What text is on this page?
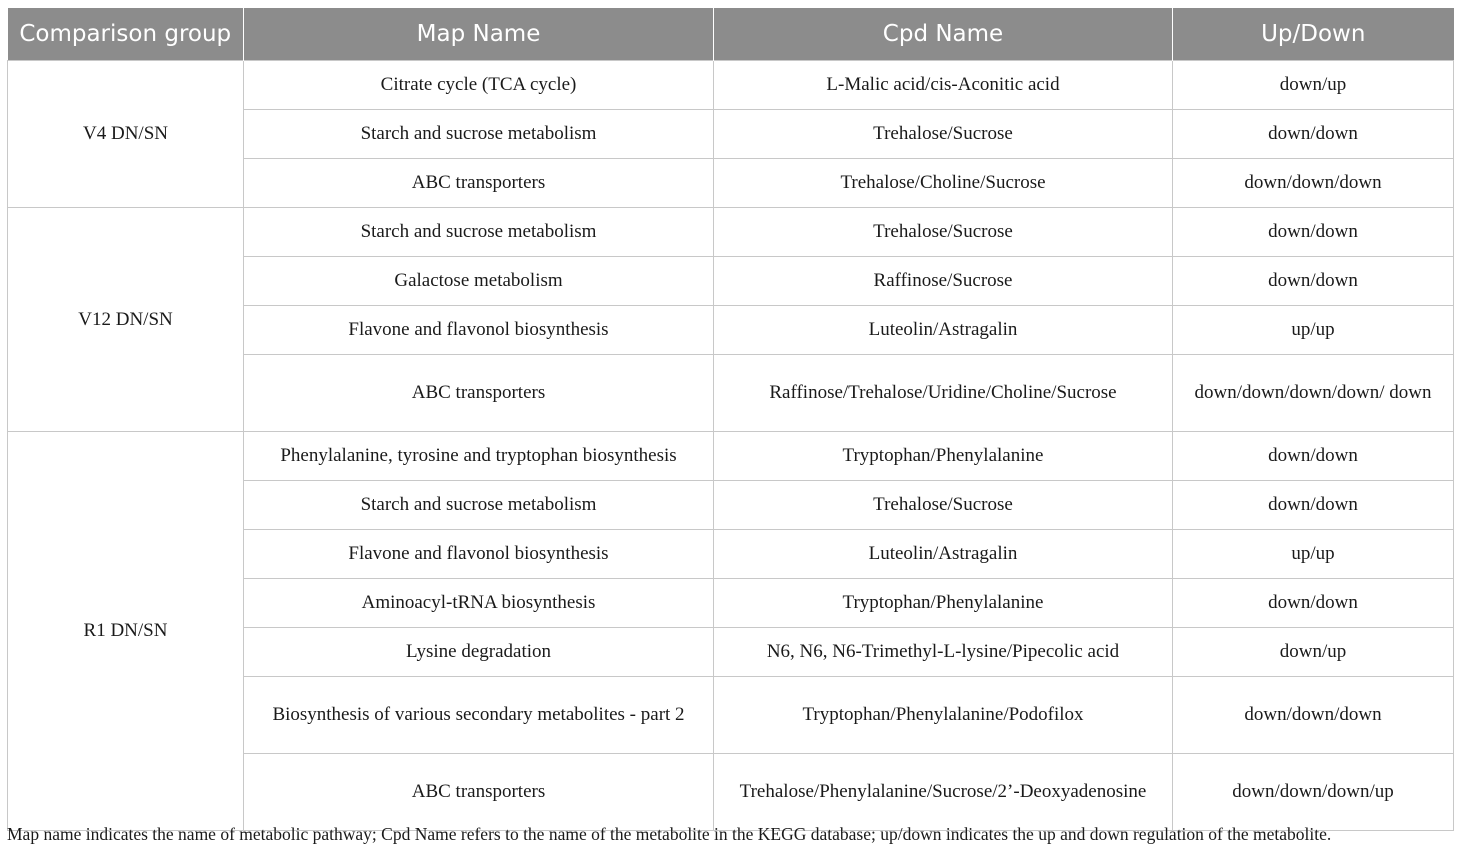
Comparison group	Map Name	Cpd Name	Up/Down
V4 DN/SN	Citrate cycle (TCA cycle)	L-Malic acid/cis-Aconitic acid	down/up
	Starch and sucrose metabolism	Trehalose/Sucrose	down/down
	ABC transporters	Trehalose/Choline/Sucrose	down/down/down
V12 DN/SN	Starch and sucrose metabolism	Trehalose/Sucrose	down/down
	Galactose metabolism	Raffinose/Sucrose	down/down
	Flavone and flavonol biosynthesis	Luteolin/Astragalin	up/up
	ABC transporters	Raffinose/Trehalose/Uridine/Choline/Sucrose	down/down/down/down/ down
R1 DN/SN	Phenylalanine, tyrosine and tryptophan biosynthesis	Tryptophan/Phenylalanine	down/down
	Starch and sucrose metabolism	Trehalose/Sucrose	down/down
	Flavone and flavonol biosynthesis	Luteolin/Astragalin	up/up
	Aminoacyl-tRNA biosynthesis	Tryptophan/Phenylalanine	down/down
	Lysine degradation	N6, N6, N6-Trimethyl-L-lysine/Pipecolic acid	down/up
	Biosynthesis of various secondary metabolites - part 2	Tryptophan/Phenylalanine/Podofilox	down/down/down
	ABC transporters	Trehalose/Phenylalanine/Sucrose/2’-Deoxyadenosine	down/down/down/up
Map name indicates the name of metabolic pathway; Cpd Name refers to the name of the metabolite in the KEGG database; up/down indicates the up and down regulation of the metabolite.
